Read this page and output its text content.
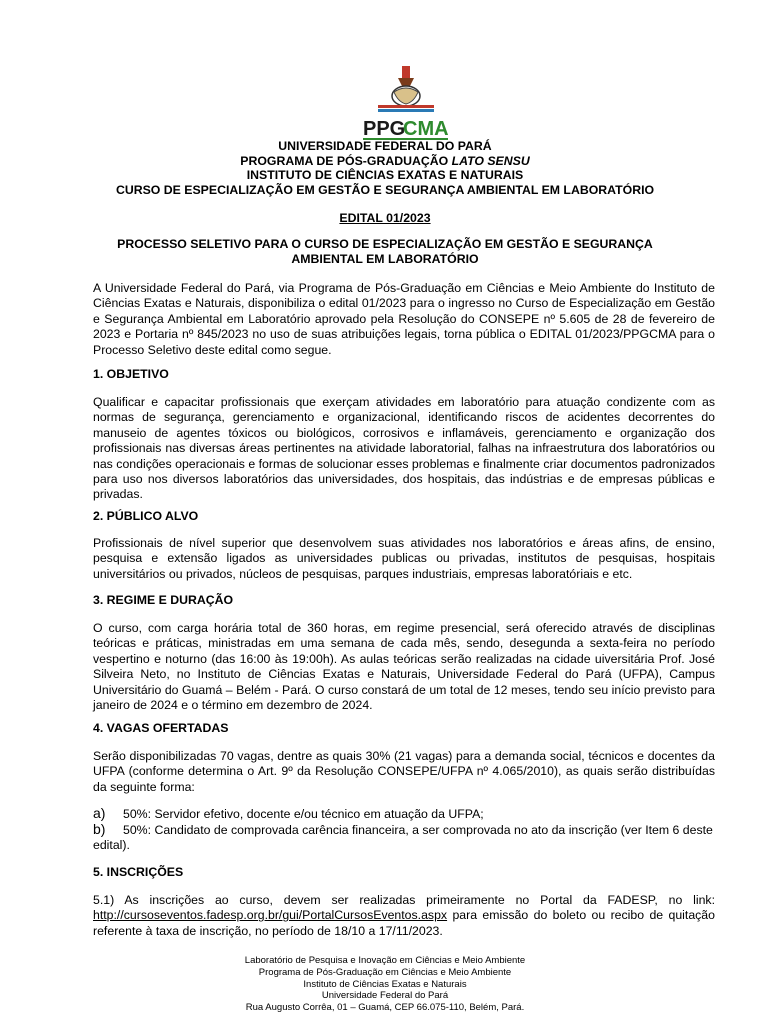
PPG
CMA
UNIVERSIDADE FEDERAL DO PARÁ
PROGRAMA DE PÓS-GRADUAÇÃO LATO SENSU
INSTITUTO DE CIÊNCIAS EXATAS E NATURAIS
CURSO DE ESPECIALIZAÇÃO EM GESTÃO E SEGURANÇA AMBIENTAL EM LABORATÓRIO
EDITAL 01/2023
PROCESSO SELETIVO PARA O CURSO DE ESPECIALIZAÇÃO EM GESTÃO E SEGURANÇA
AMBIENTAL EM LABORATÓRIO
A Universidade Federal do Pará, via Programa de Pós-Graduação em Ciências e Meio Ambiente do Instituto de Ciências Exatas e Naturais, disponibiliza o edital 01/2023 para o ingresso no Curso de Especialização em Gestão e Segurança Ambiental em Laboratório aprovado pela Resolução do CONSEPE nº 5.605 de 28 de fevereiro de 2023 e Portaria nº 845/2023 no uso de suas atribuições legais, torna pública o EDITAL 01/2023/PPGCMA para o Processo Seletivo deste edital como segue.
1. OBJETIVO
Qualificar e capacitar profissionais que exerçam atividades em laboratório para atuação condizente com as normas de segurança, gerenciamento e organizacional, identificando riscos de acidentes decorrentes do manuseio de agentes tóxicos ou biológicos, corrosivos e inflamáveis, gerenciamento e organização dos profissionais nas diversas áreas pertinentes na atividade laboratorial, falhas na infraestrutura dos laboratórios ou nas condições operacionais e formas de solucionar esses problemas e finalmente criar documentos padronizados para uso nos diversos laboratórios das universidades, dos hospitais, das indústrias e de empresas públicas e privadas.
2. PÚBLICO ALVO
Profissionais de nível superior que desenvolvem suas atividades nos laboratórios e áreas afins, de ensino, pesquisa e extensão ligados as universidades publicas ou privadas, institutos de pesquisas, hospitais universitários ou privados, núcleos de pesquisas, parques industriais, empresas laboratóriais e etc.
3. REGIME E DURAÇÃO
O curso, com carga horária total de 360 horas, em regime presencial, será oferecido através de disciplinas teóricas e práticas, ministradas em uma semana de cada mês, sendo, desegunda a sexta-feira no período vespertino e noturno (das 16:00 às 19:00h). As aulas teóricas serão realizadas na cidade uiversitária Prof. José Silveira Neto, no Instituto de Ciências Exatas e Naturais, Universidade Federal do Pará (UFPA), Campus Universitário do Guamá – Belém - Pará. O curso constará de um total de 12 meses, tendo seu início previsto para janeiro de 2024 e o término em dezembro de 2024.
4. VAGAS OFERTADAS
Serão disponibilizadas 70 vagas, dentre as quais 30% (21 vagas) para a demanda social, técnicos e docentes da UFPA (conforme determina o Art. 9º da Resolução CONSEPE/UFPA nº 4.065/2010), as quais serão distribuídas da seguinte forma:
a) 50%: Servidor efetivo, docente e/ou técnico em atuação da UFPA;
b) 50%: Candidato de comprovada carência financeira, a ser comprovada no ato da inscrição (ver Item 6 deste edital).
5. INSCRIÇÕES
5.1) As inscrições ao curso, devem ser realizadas primeiramente no Portal da FADESP, no link: http://cursoseventos.fadesp.org.br/gui/PortalCursosEventos.aspx para emissão do boleto ou recibo de quitação referente à taxa de inscrição, no período de 18/10 a 17/11/2023.
Laboratório de Pesquisa e Inovação em Ciências e Meio Ambiente
Programa de Pós-Graduação em Ciências e Meio Ambiente
Instituto de Ciências Exatas e Naturais
Universidade Federal do Pará
Rua Augusto Corrêa, 01 – Guamá, CEP 66.075-110, Belém, Pará.
